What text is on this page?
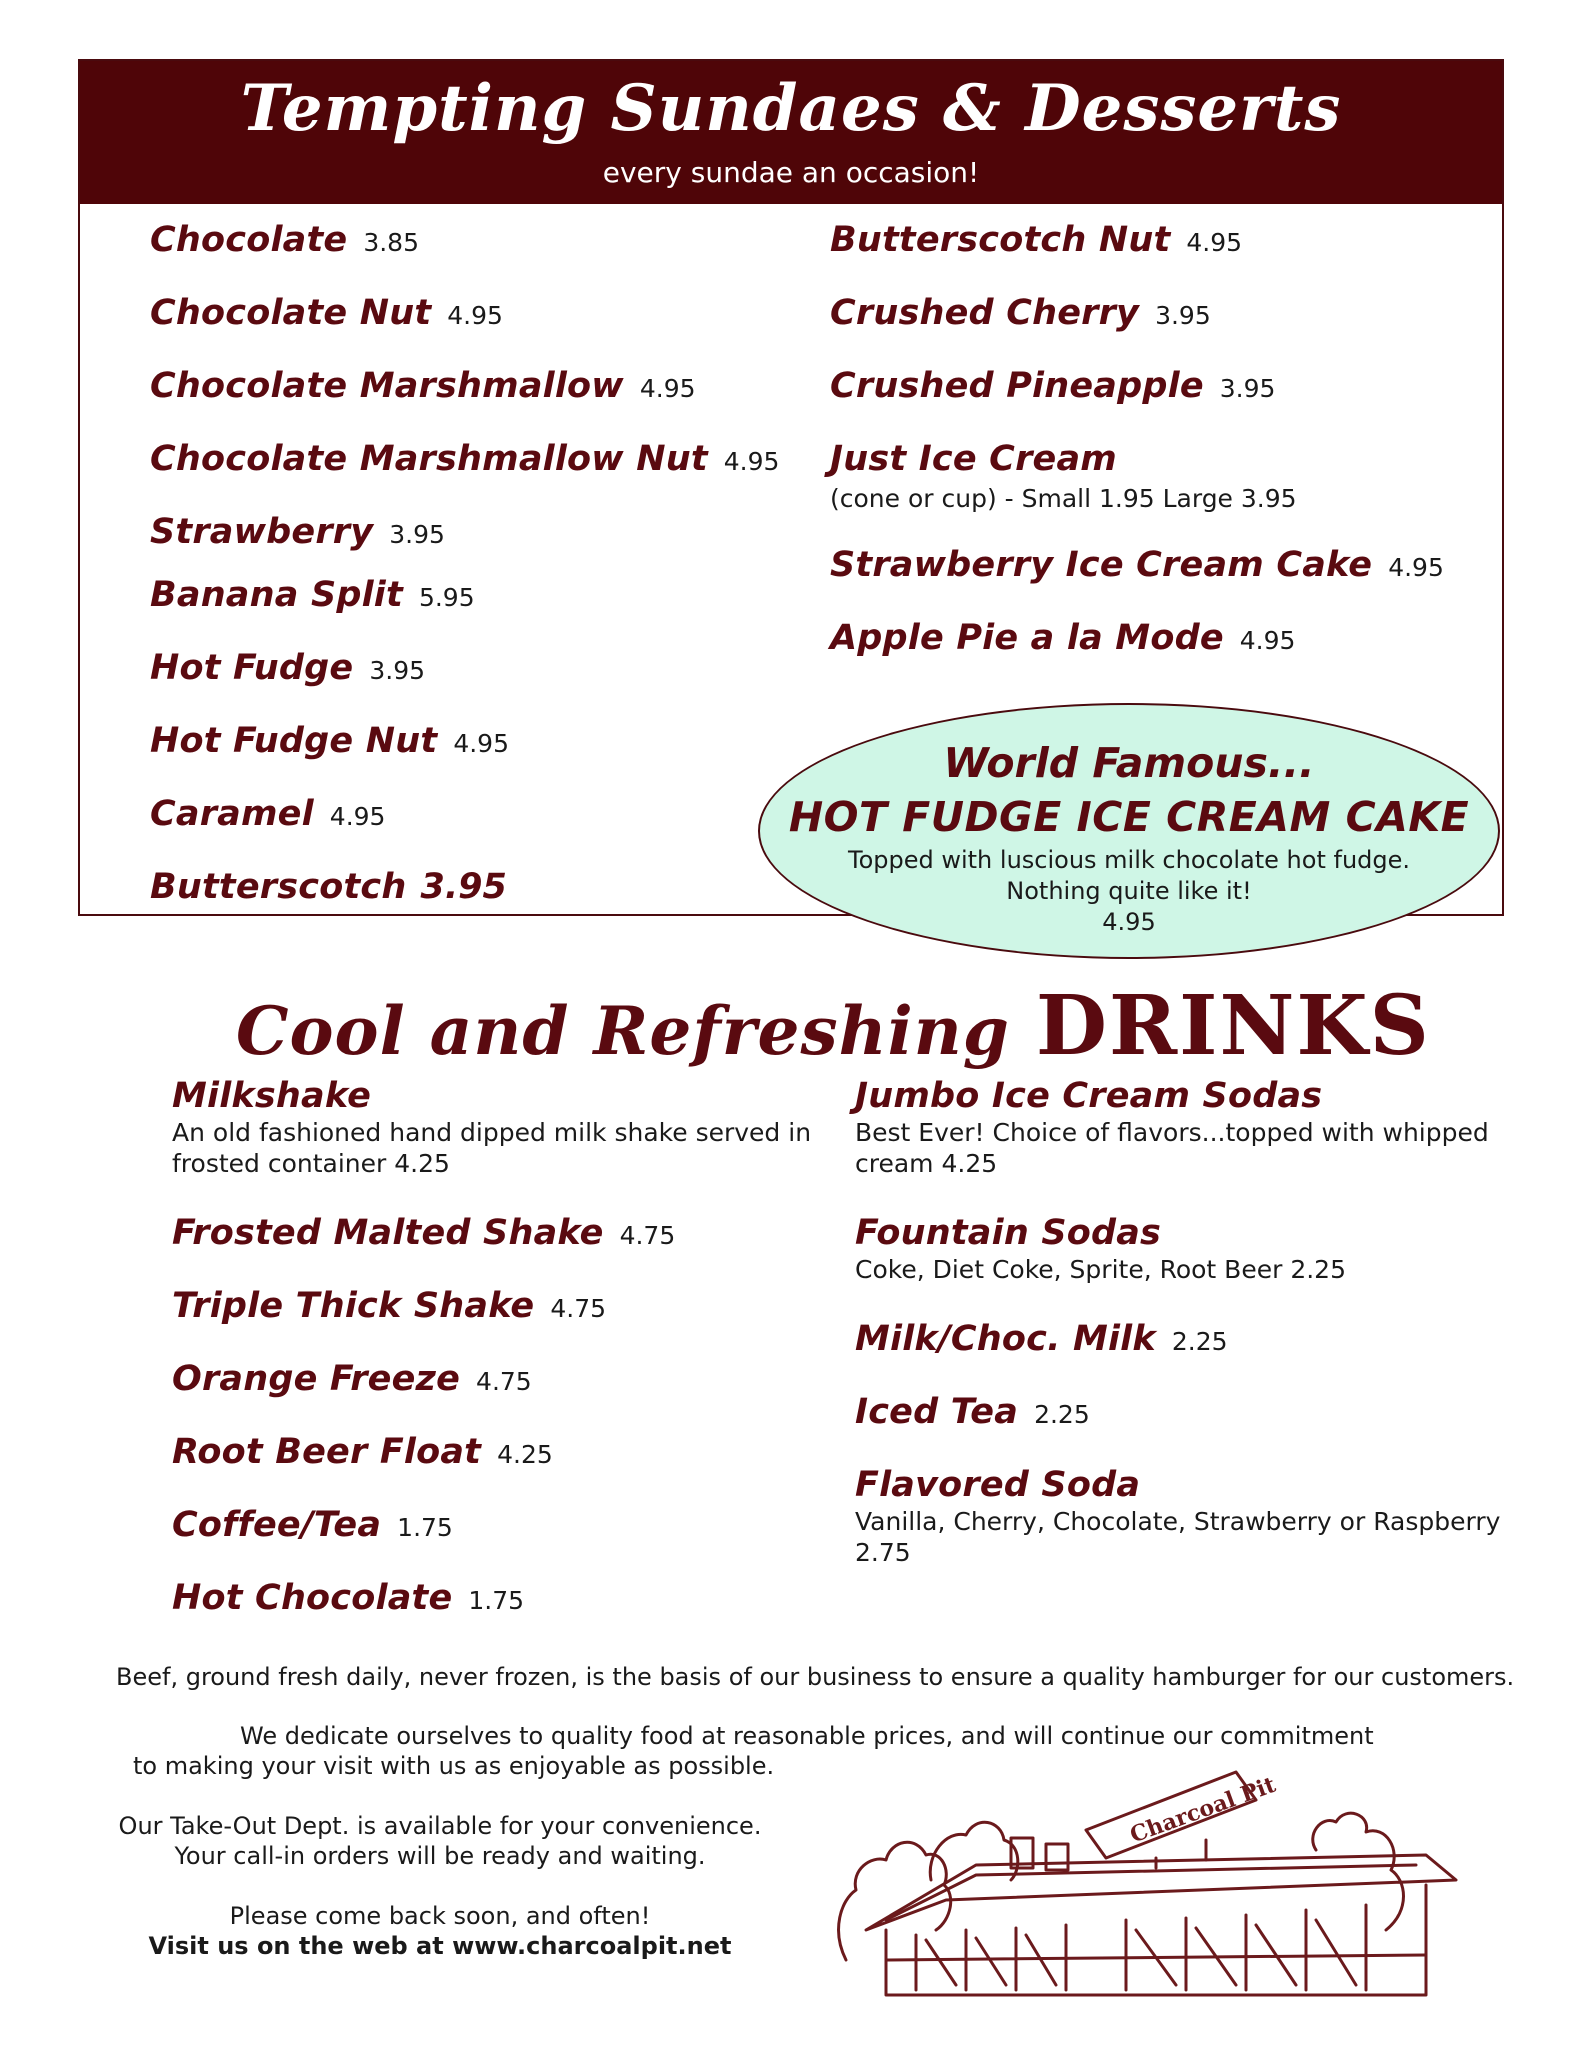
Tempting Sundaes & Desserts
every sundae an occasion!
Chocolate 3.85
Chocolate Nut 4.95
Chocolate Marshmallow 4.95
Chocolate Marshmallow Nut 4.95
Strawberry 3.95
Banana Split 5.95
Hot Fudge 3.95
Hot Fudge Nut 4.95
Caramel 4.95
Butterscotch 3.95
Butterscotch Nut 4.95
Crushed Cherry 3.95
Crushed Pineapple 3.95
Just Ice Cream
(cone or cup) - Small 1.95 Large 3.95
Strawberry Ice Cream Cake 4.95
Apple Pie a la Mode 4.95
World Famous...
HOT FUDGE ICE CREAM CAKE
Topped with luscious milk chocolate hot fudge.
Nothing quite like it!
4.95
Cool and Refreshing DRINKS
Milkshake
An old fashioned hand dipped milk shake served in
frosted container 4.25
Frosted Malted Shake 4.75
Triple Thick Shake 4.75
Orange Freeze 4.75
Root Beer Float 4.25
Coffee/Tea 1.75
Hot Chocolate 1.75
Jumbo Ice Cream Sodas
Best Ever! Choice of flavors...topped with whipped
cream 4.25
Fountain Sodas
Coke, Diet Coke, Sprite, Root Beer 2.25
Milk/Choc. Milk 2.25
Iced Tea 2.25
Flavored Soda
Vanilla, Cherry, Chocolate, Strawberry or Raspberry
2.75
Beef, ground fresh daily, never frozen, is the basis of our business to ensure a quality hamburger for our customers.
We dedicate ourselves to quality food at reasonable prices, and will continue our commitment
to making your visit with us as enjoyable as possible.
Our Take-Out Dept. is available for your convenience.
Your call-in orders will be ready and waiting.
Please come back soon, and often!
Visit us on the web at www.charcoalpit.net
Charcoal Pit
